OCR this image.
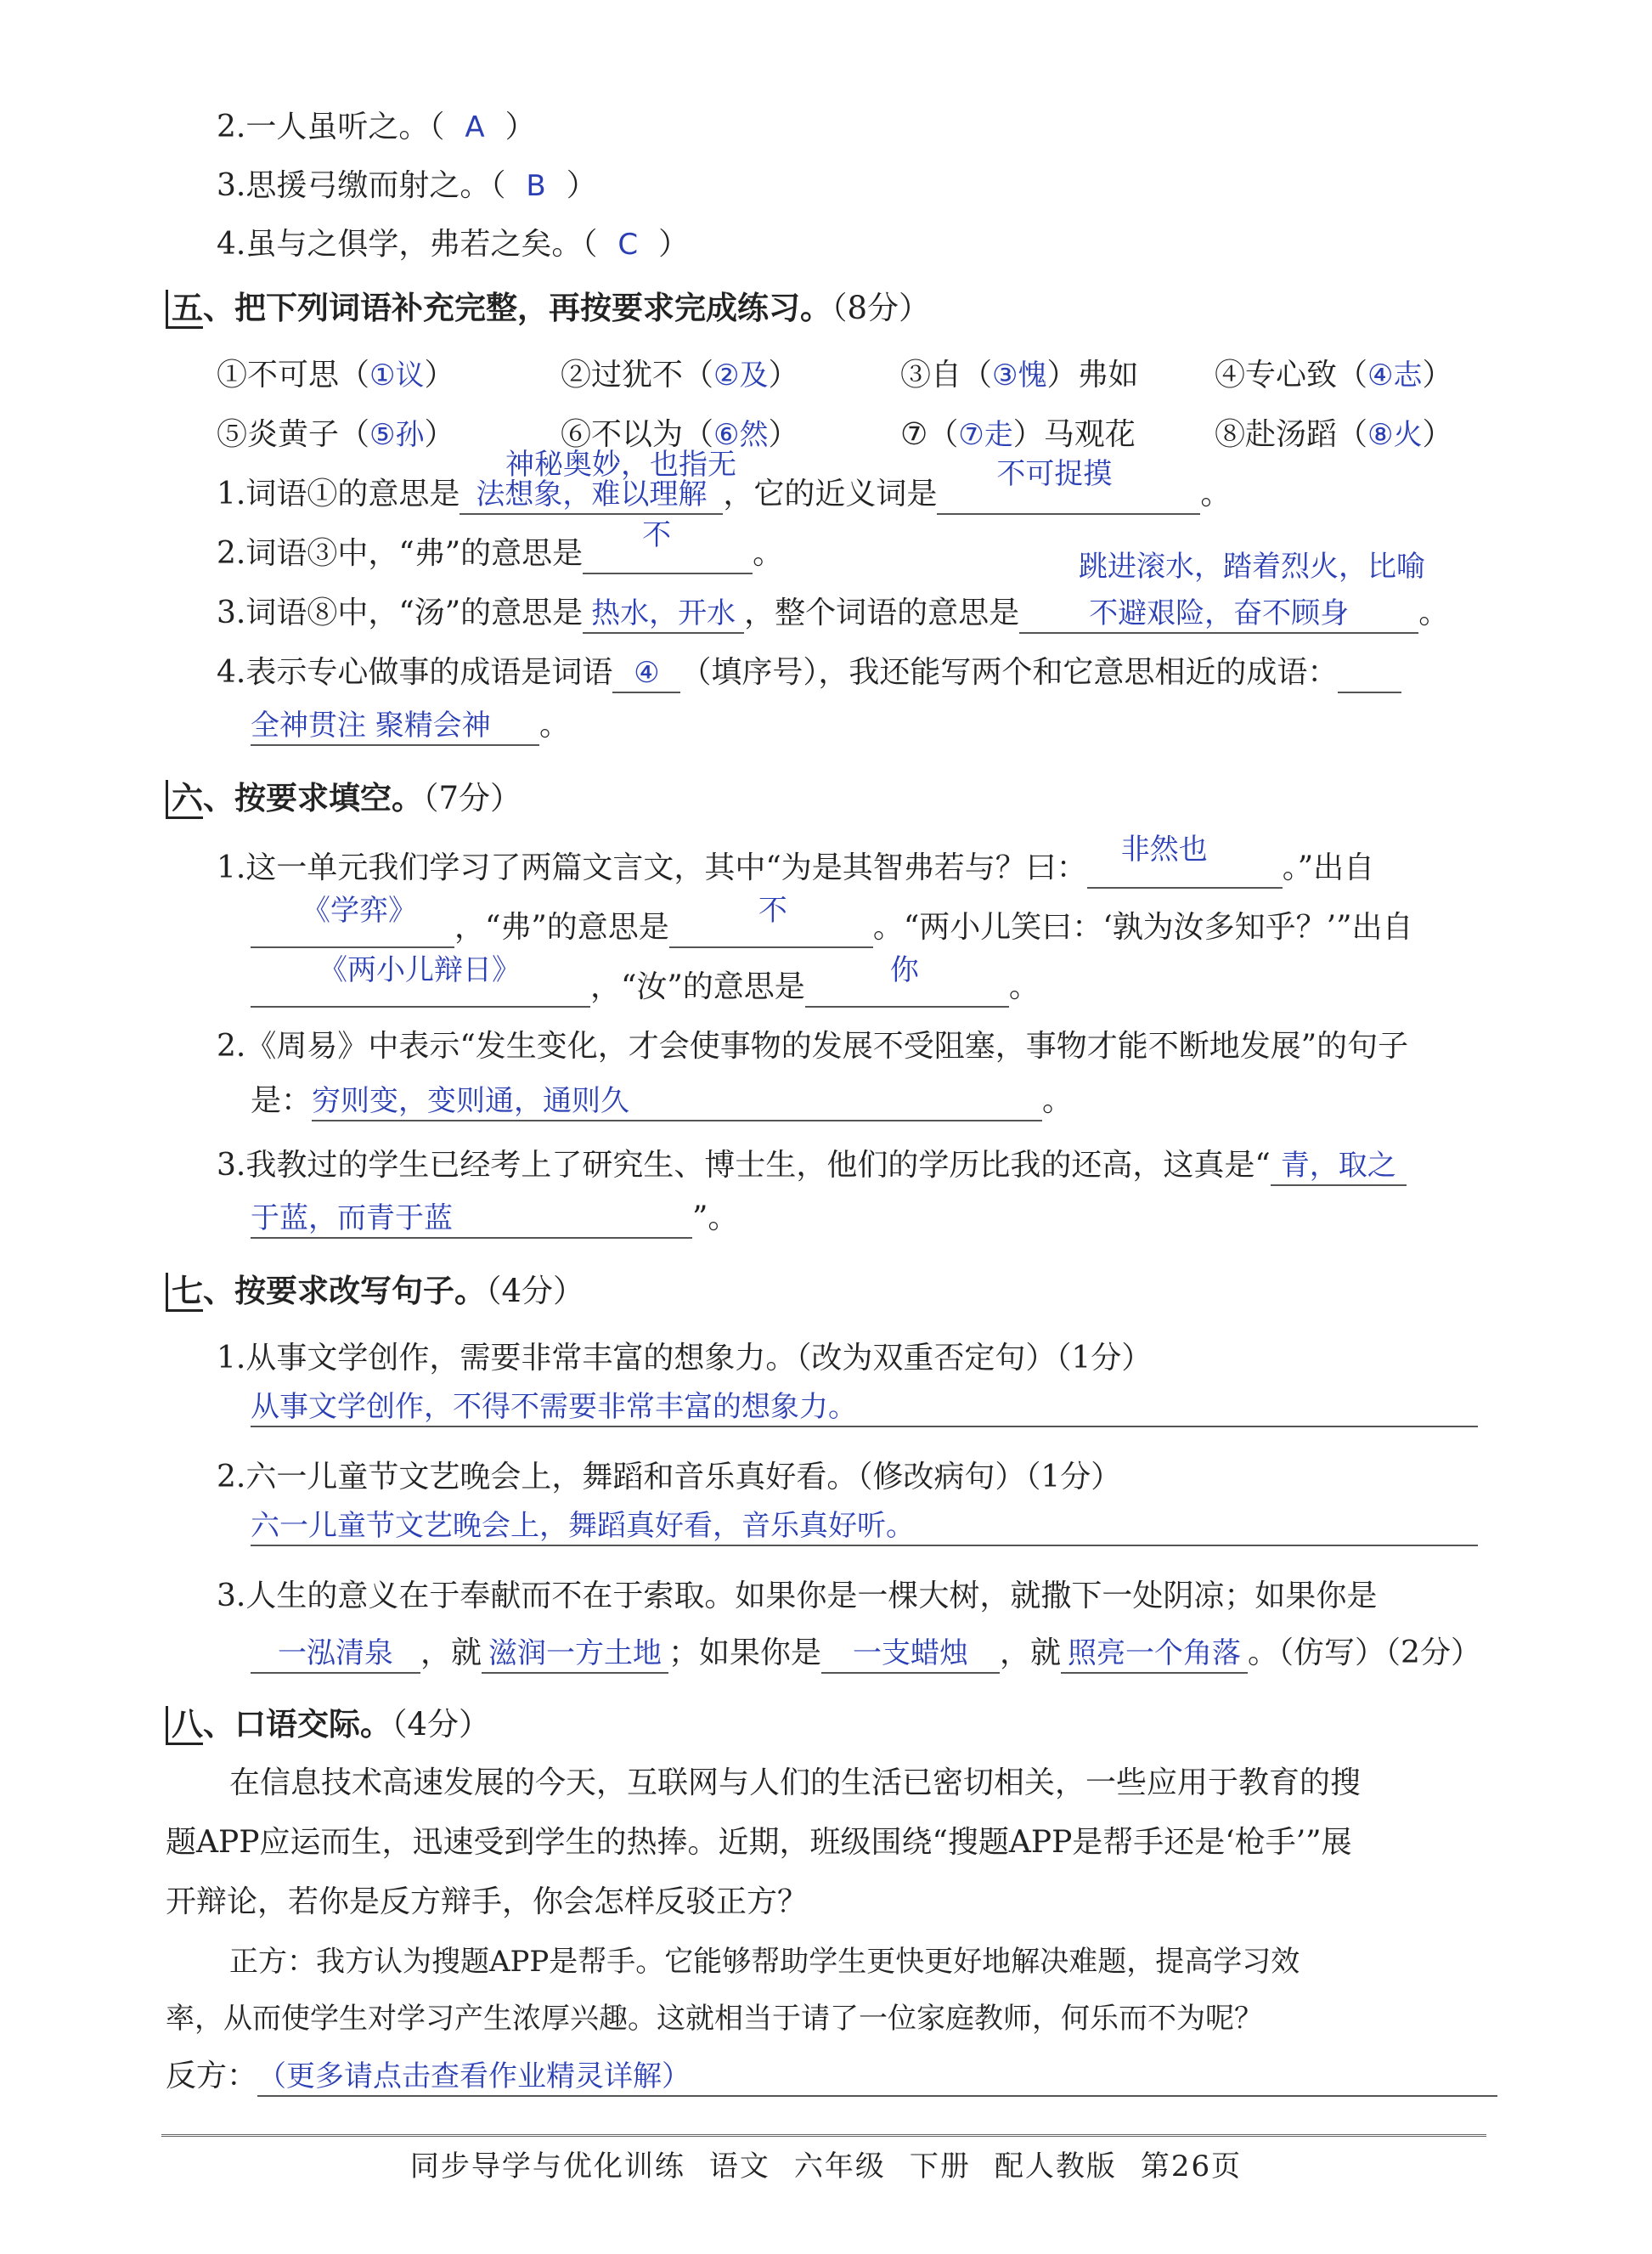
2.一人虽听之。（ A ）
3.思援弓缴而射之。（ B ）
4.虽与之俱学，弗若之矣。（ C ）
五、把下列词语补充完整，再按要求完成练习。（8分）
①不可思（①议）	②过犹不（②及）	③自（③愧）弗如 ④专心致（④志）
⑤炎黄子（⑤孙）	⑥不以为（⑥然）	⑦（⑦走）马观花	⑧赴汤蹈（⑧火）
神秘奥妙，也指无
1.词语①的意思是 法想象，难以理解 ，它的近义词是
不可捉摸
。
2.词语③中，“弗”的意思是
不
。	跳进滚水，踏着烈火，比喻
3.词语⑧中，“汤”的意思是 热水，开水 ，整个词语的意思是 不避艰险，奋不顾身 。
4.表示专心做事的成语是词语 ④ （填序号），我还能写两个和它意思相近的成语：
全神贯注 聚精会神 。
六、按要求填空。（7分）
1.这一单元我们学习了两篇文言文，其中“为是其智弗若与？曰：
非然也
。”出自
《学弈》 ，“弗”的意思是	不	。“两小儿笑曰：‘孰为汝多知乎？’”出自
《两小儿辩日》 ，“汝”的意思是	你	。
2.《周易》中表示“发生变化，才会使事物的发展不受阻塞，事物才能不断地发展”的句子
是：穷则变，变则通，通则久	。
3.我教过的学生已经考上了研究生、博士生，他们的学历比我的还高，这真是“ 青，取之
于蓝，而青于蓝	”。
七、按要求改写句子。（4分）
1.从事文学创作，需要非常丰富的想象力。（改为双重否定句）（1分）
从事文学创作，不得不需要非常丰富的想象力。
2.六一儿童节文艺晚会上，舞蹈和音乐真好看。（修改病句）（1分）
六一儿童节文艺晚会上，舞蹈真好看，音乐真好听。
3.人生的意义在于奉献而不在于索取。如果你是一棵大树，就撒下一处阴凉；如果你是
一泓清泉 ，就 滋润一方土地 ；如果你是 一支蜡烛 ，就 照亮一个角落 。（仿写）（2分）
八、口语交际。（4分）
在信息技术高速发展的今天，互联网与人们的生活已密切相关，一些应用于教育的搜
题APP应运而生，迅速受到学生的热捧。近期，班级围绕“搜题APP是帮手还是‘枪手’”展
开辩论，若你是反方辩手，你会怎样反驳正方？
正方：我方认为搜题APP是帮手。它能够帮助学生更快更好地解决难题，提高学习效
率，从而使学生对学习产生浓厚兴趣。这就相当于请了一位家庭教师，何乐而不为呢？
反方：（更多请点击查看作业精灵详解）
同步导学与优化训练 语文 六年级 下册 配人教版 第26页
